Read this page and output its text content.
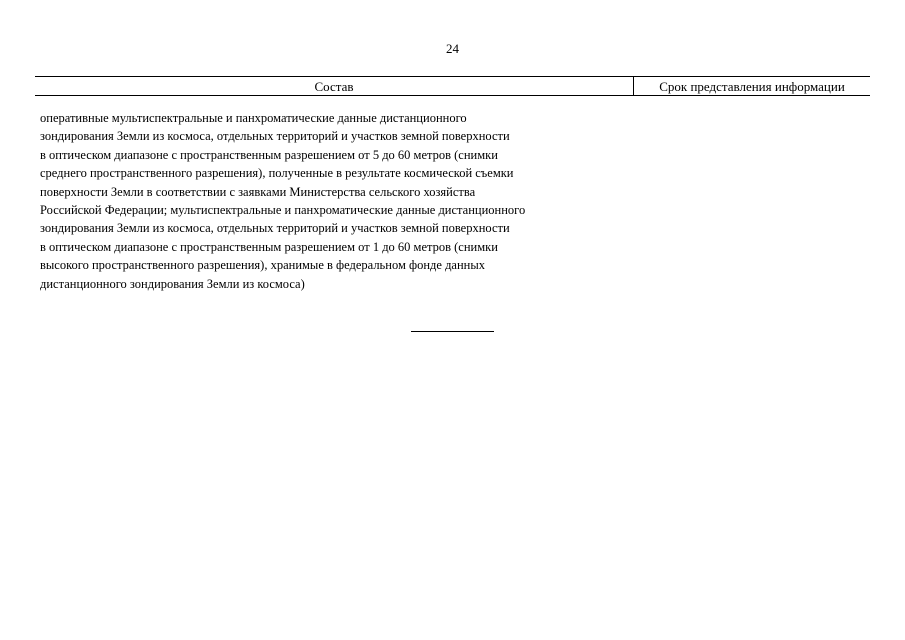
24
Состав	Срок представления информации
оперативные мультиспектральные и панхроматические данные дистанционного
зондирования Земли из космоса, отдельных территорий и участков земной поверхности
в оптическом диапазоне с пространственным разрешением от 5 до 60 метров (снимки
среднего пространственного разрешения), полученные в результате космической съемки
поверхности Земли в соответствии с заявками Министерства сельского хозяйства
Российской Федерации; мультиспектральные и панхроматические данные дистанционного
зондирования Земли из космоса, отдельных территорий и участков земной поверхности
в оптическом диапазоне с пространственным разрешением от 1 до 60 метров (снимки
высокого пространственного разрешения), хранимые в федеральном фонде данных
дистанционного зондирования Земли из космоса)
